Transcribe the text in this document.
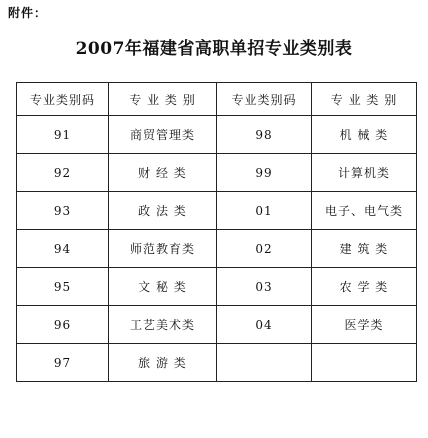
附件：
2007年福建省高职单招专业类别表
专业类别码	专 业 类 别	专业类别码	专 业 类 别
91	商贸管理类	98	机 械 类
92	财 经 类	99	计算机类
93	政 法 类	01	电子、电气类
94	师范教育类	02	建 筑 类
95	文 秘 类	03	农 学 类
96	工艺美术类	04	医学类
97	旅 游 类		
